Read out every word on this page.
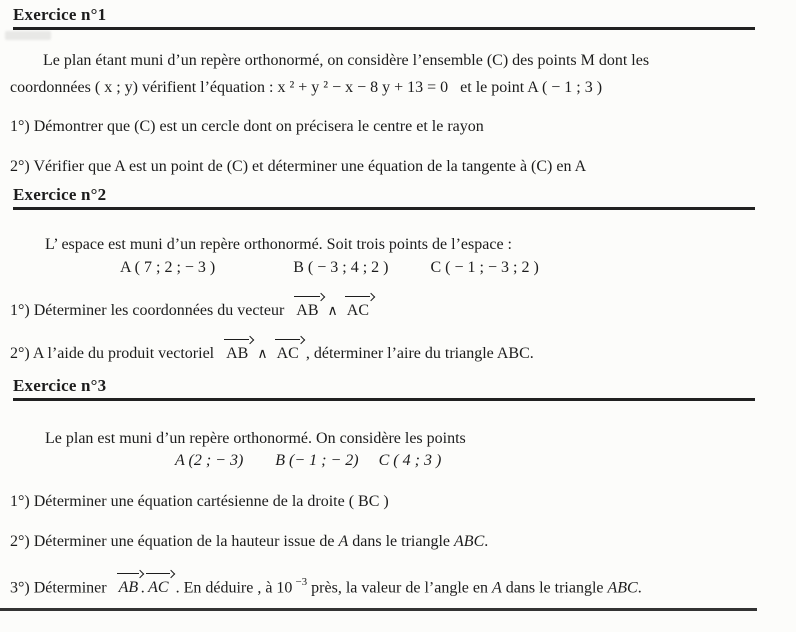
Exercice n°1

Le plan étant muni d’un repère orthonormé, on considère l’ensemble (C) des points M dont les
coordonnées ( x ; y) vérifient l’équation : x ² + y ² − x − 8 y + 13 = 0   et le point A ( − 1 ; 3 )

1°) Démontrer que (C) est un cercle dont on précisera le centre et le rayon

2°) Vérifier que A est un point de (C) et déterminer une équation de la tangente à (C) en A

Exercice n°2

L’ espace est muni d’un repère orthonormé. Soit trois points de l’espace :

A ( 7 ; 2 ; − 3 )	B ( − 3 ; 4 ; 2 )	C ( − 1 ; − 3 ; 2 )

1°) Déterminer les coordonnées du vecteur AB ∧ AC

2°) A l’aide du produit vectoriel AB ∧ AC , déterminer l’aire du triangle ABC.

Exercice n°3

Le plan est muni d’un repère orthonormé. On considère les points

A (2 ; − 3) B (− 1 ; − 2) C ( 4 ; 3 )

1°) Déterminer une équation cartésienne de la droite ( BC )

2°) Déterminer une équation de la hauteur issue de A dans le triangle ABC.

3°) Déterminer AB . AC . En déduire , à 10 $^{-3}$ près, la valeur de l’angle en A dans le triangle ABC.
